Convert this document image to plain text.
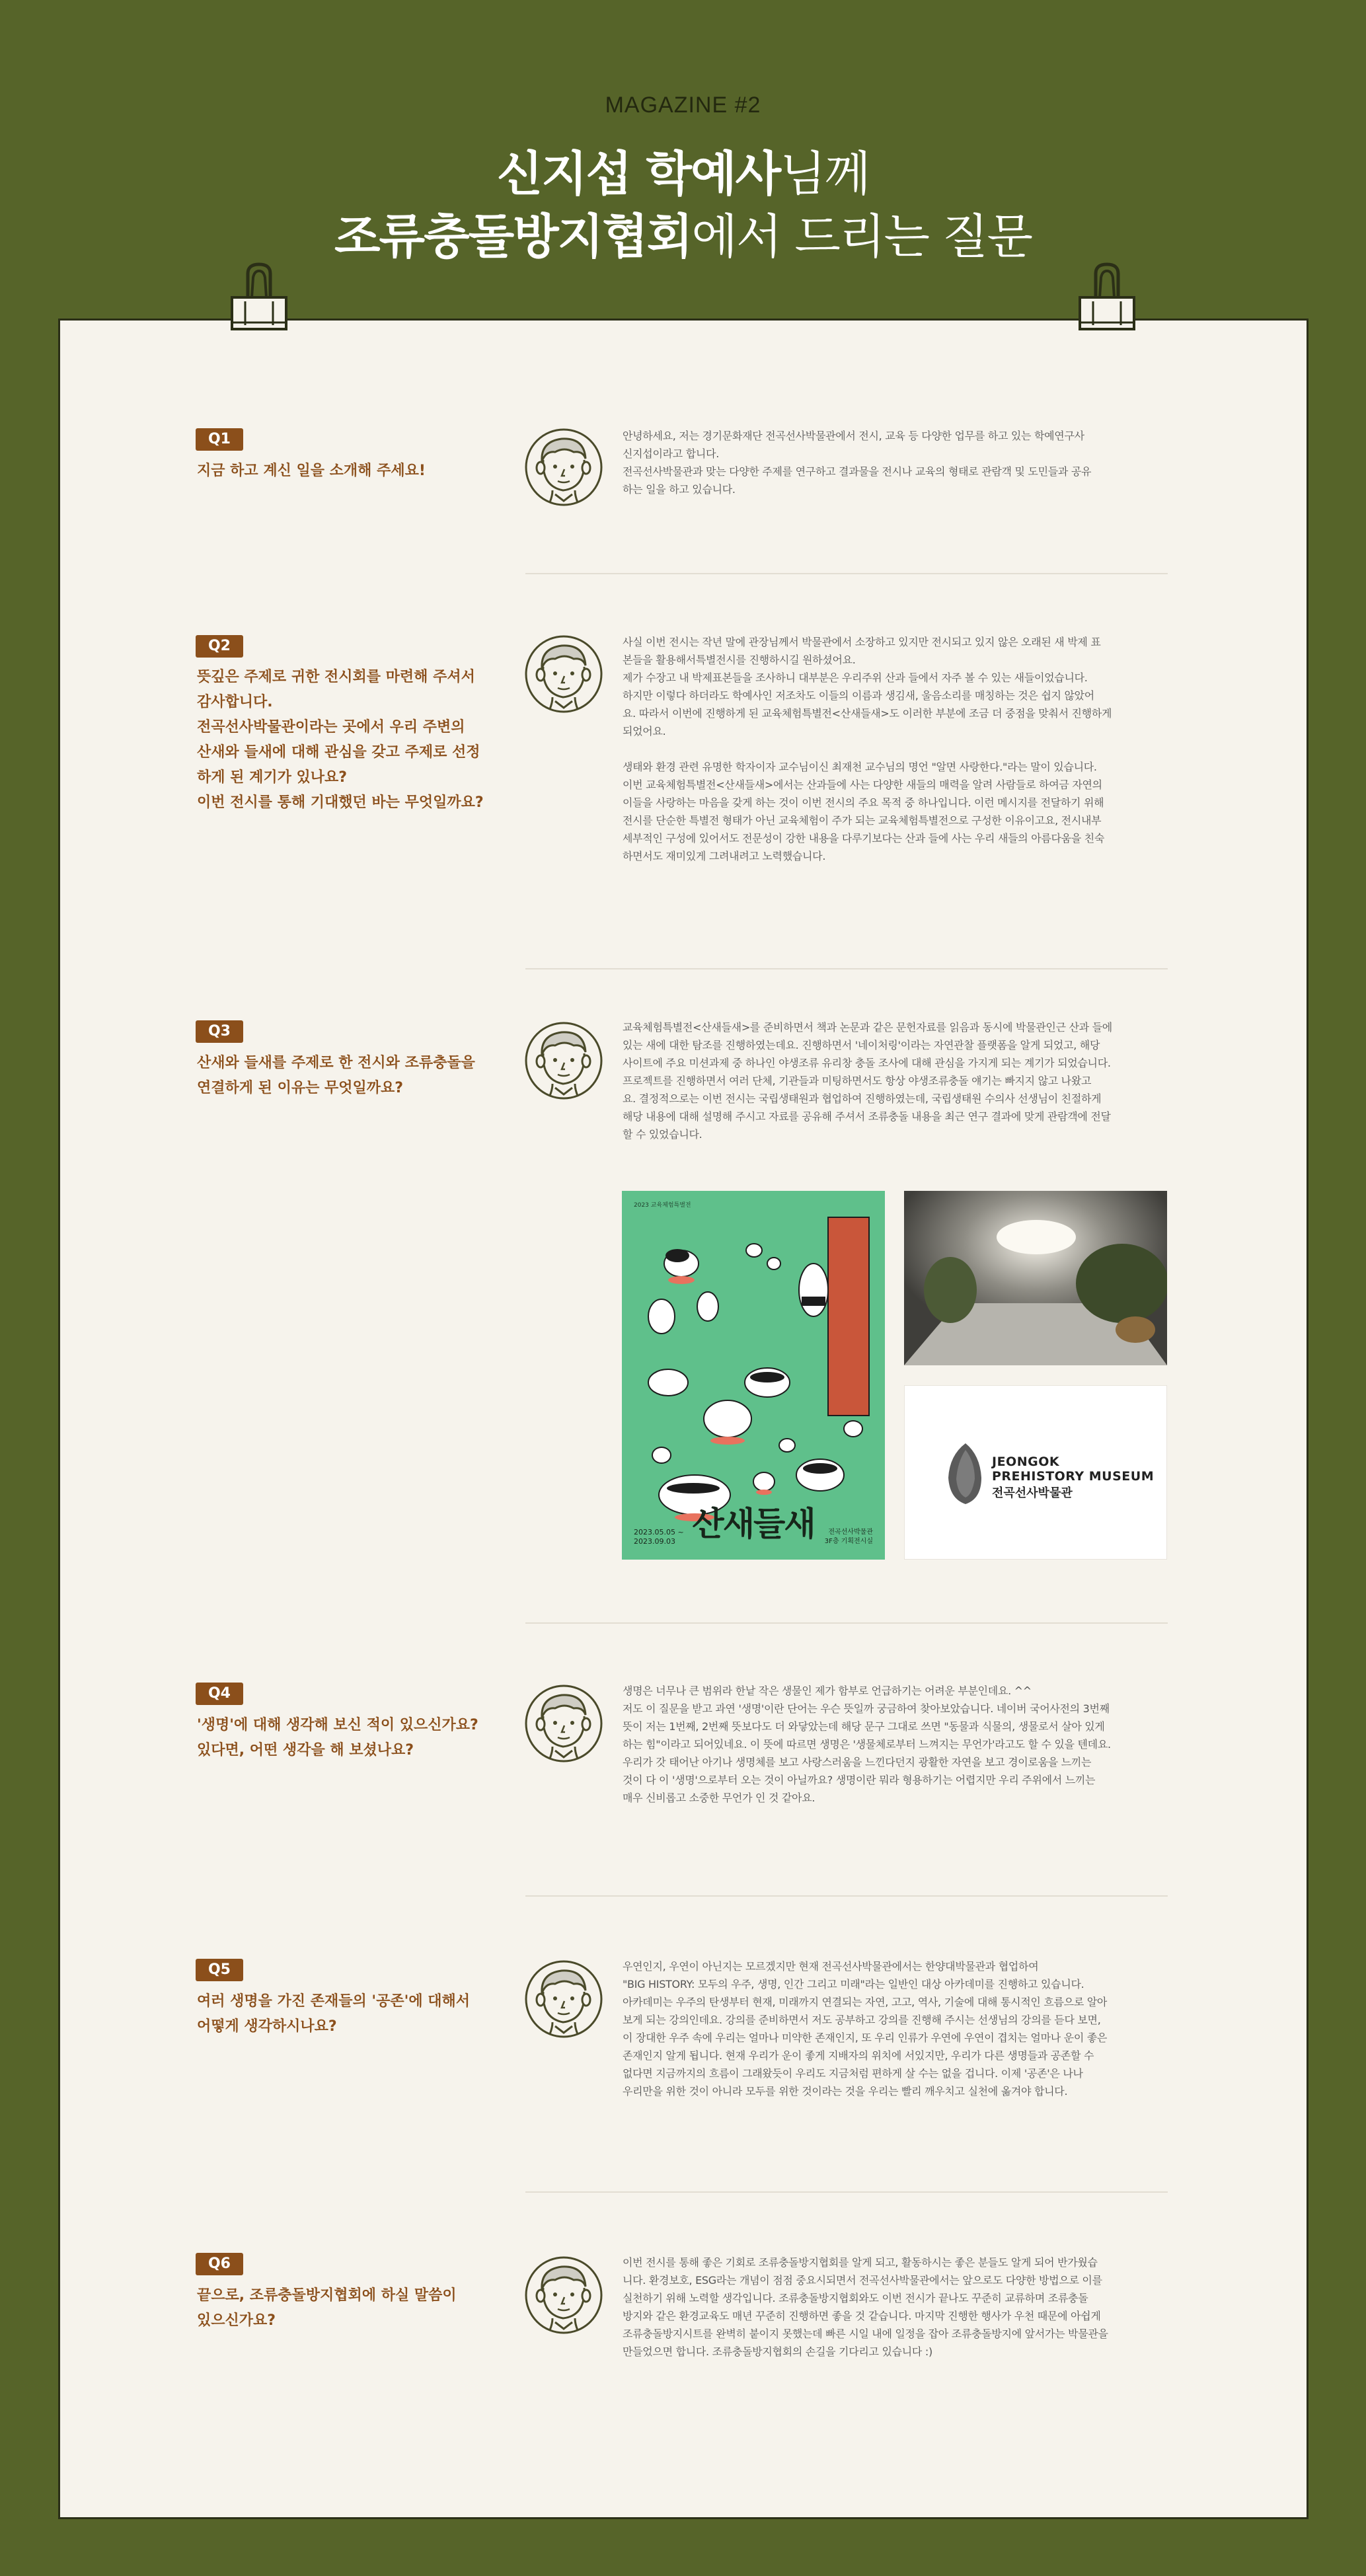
MAGAZINE #2
신지섭 학예사님께
조류충돌방지협회에서 드리는 질문
Q1
지금 하고 계신 일을 소개해 주세요!
안녕하세요, 저는 경기문화재단 전곡선사박물관에서 전시, 교육 등 다양한 업무를 하고 있는 학예연구사
신지섭이라고 합니다.
전곡선사박물관과 맞는 다양한 주제를 연구하고 결과물을 전시나 교육의 형태로 관람객 및 도민들과 공유
하는 일을 하고 있습니다.
Q2
뜻깊은 주제로 귀한 전시회를 마련해 주셔서
감사합니다.
전곡선사박물관이라는 곳에서 우리 주변의
산새와 들새에 대해 관심을 갖고 주제로 선정
하게 된 계기가 있나요?
이번 전시를 통해 기대했던 바는 무엇일까요?
사실 이번 전시는 작년 말에 관장님께서 박물관에서 소장하고 있지만 전시되고 있지 않은 오래된 새 박제 표
본들을 활용해서특별전시를 진행하시길 원하셨어요.
제가 수장고 내 박제표본들을 조사하니 대부분은 우리주위 산과 들에서 자주 볼 수 있는 새들이었습니다.
하지만 이렇다 하더라도 학예사인 저조차도 이들의 이름과 생김새, 울음소리를 매칭하는 것은 쉽지 않았어
요. 따라서 이번에 진행하게 된 교육체험특별전<산새들새>도 이러한 부분에 조금 더 중점을 맞춰서 진행하게
되었어요.

생태와 환경 관련 유명한 학자이자 교수님이신 최재천 교수님의 명언 "알면 사랑한다."라는 말이 있습니다.
이번 교육체험특별전<산새들새>에서는 산과들에 사는 다양한 새들의 매력을 알려 사람들로 하여금 자연의
이들을 사랑하는 마음을 갖게 하는 것이 이번 전시의 주요 목적 중 하나입니다. 이런 메시지를 전달하기 위해
전시를 단순한 특별전 형태가 아닌 교육체험이 주가 되는 교육체험특별전으로 구성한 이유이고요, 전시내부
세부적인 구성에 있어서도 전문성이 강한 내용을 다루기보다는 산과 들에 사는 우리 새들의 아름다움을 친숙
하면서도 재미있게 그려내려고 노력했습니다.
Q3
산새와 들새를 주제로 한 전시와 조류충돌을
연결하게 된 이유는 무엇일까요?
교육체험특별전<산새들새>를 준비하면서 책과 논문과 같은 문헌자료를 읽음과 동시에 박물관인근 산과 들에
있는 새에 대한 탐조를 진행하였는데요. 진행하면서 '네이처링'이라는 자연관찰 플랫폼을 알게 되었고, 해당
사이트에 주요 미션과제 중 하나인 야생조류 유리창 충돌 조사에 대해 관심을 가지게 되는 계기가 되었습니다.
프로젝트를 진행하면서 여러 단체, 기관들과 미팅하면서도 항상 야생조류충돌 얘기는 빠지지 않고 나왔고
요. 결정적으로는 이번 전시는 국립생태원과 협업하여 진행하였는데, 국립생태원 수의사 선생님이 친절하게
해당 내용에 대해 설명해 주시고 자료를 공유해 주셔서 조류충돌 내용을 최근 연구 결과에 맞게 관람객에 전달
할 수 있었습니다.
2023 교육체험특별전
산새들새
2023.05.05 ~
2023.09.03
전곡선사박물관
3F층 기획전시실
JEONGOK
PREHISTORY MUSEUM
전곡선사박물관
Q4
'생명'에 대해 생각해 보신 적이 있으신가요?
있다면, 어떤 생각을 해 보셨나요?
생명은 너무나 큰 범위라 한낱 작은 생물인 제가 함부로 언급하기는 어려운 부분인데요. ^^
저도 이 질문을 받고 과연 '생명'이란 단어는 우슨 뜻일까 궁금하여 찾아보았습니다. 네이버 국어사전의 3번째
뜻이 저는 1번째, 2번째 뜻보다도 더 와닿았는데 해당 문구 그대로 쓰면 "동물과 식물의, 생물로서 살아 있게
하는 힘"이라고 되어있네요. 이 뜻에 따르면 생명은 '생물체로부터 느껴지는 무언가'라고도 할 수 있을 텐데요.
우리가 갓 태어난 아기나 생명체를 보고 사랑스러움을 느낀다던지 광활한 자연을 보고 경이로움을 느끼는
것이 다 이 '생명'으로부터 오는 것이 아닐까요? 생명이란 뭐라 형용하기는 어렵지만 우리 주위에서 느끼는
매우 신비롭고 소중한 무언가 인 것 같아요.
Q5
여러 생명을 가진 존재들의 '공존'에 대해서
어떻게 생각하시나요?
우연인지, 우연이 아닌지는 모르겠지만 현재 전곡선사박물관에서는 한양대박물관과 협업하여
"BIG HISTORY: 모두의 우주, 생명, 인간 그리고 미래"라는 일반인 대상 아카데미를 진행하고 있습니다.
아카데미는 우주의 탄생부터 현재, 미래까지 연결되는 자연, 고고, 역사, 기술에 대해 통시적인 흐름으로 알아
보게 되는 강의인데요. 강의를 준비하면서 저도 공부하고 강의를 진행해 주시는 선생님의 강의를 듣다 보면,
이 장대한 우주 속에 우리는 얼마나 미약한 존재인지, 또 우리 인류가 우연에 우연이 겹치는 얼마나 운이 좋은
존재인지 알게 됩니다. 현재 우리가 운이 좋게 지배자의 위치에 서있지만, 우리가 다른 생명들과 공존할 수
없다면 지금까지의 흐름이 그래왔듯이 우리도 지금처럼 편하게 살 수는 없을 겁니다. 이제 '공존'은 나나
우리만을 위한 것이 아니라 모두를 위한 것이라는 것을 우리는 빨리 깨우치고 실천에 옮겨야 합니다.
Q6
끝으로, 조류충돌방지협회에 하실 말씀이
있으신가요?
이번 전시를 통해 좋은 기회로 조류충돌방지협회를 알게 되고, 활동하시는 좋은 분들도 알게 되어 반가웠습
니다. 환경보호, ESG라는 개념이 점점 중요시되면서 전곡선사박물관에서는 앞으로도 다양한 방법으로 이를
실천하기 위해 노력할 생각입니다. 조류충돌방지협회와도 이번 전시가 끝나도 꾸준히 교류하며 조류충돌
방지와 같은 환경교육도 매년 꾸준히 진행하면 좋을 것 같습니다. 마지막 진행한 행사가 우천 때문에 아쉽게
조류충돌방지시트를 완벽히 붙이지 못했는데 빠른 시일 내에 일정을 잡아 조류충돌방지에 앞서가는 박물관을
만들었으면 합니다. 조류충돌방지협회의 손길을 기다리고 있습니다 :)
